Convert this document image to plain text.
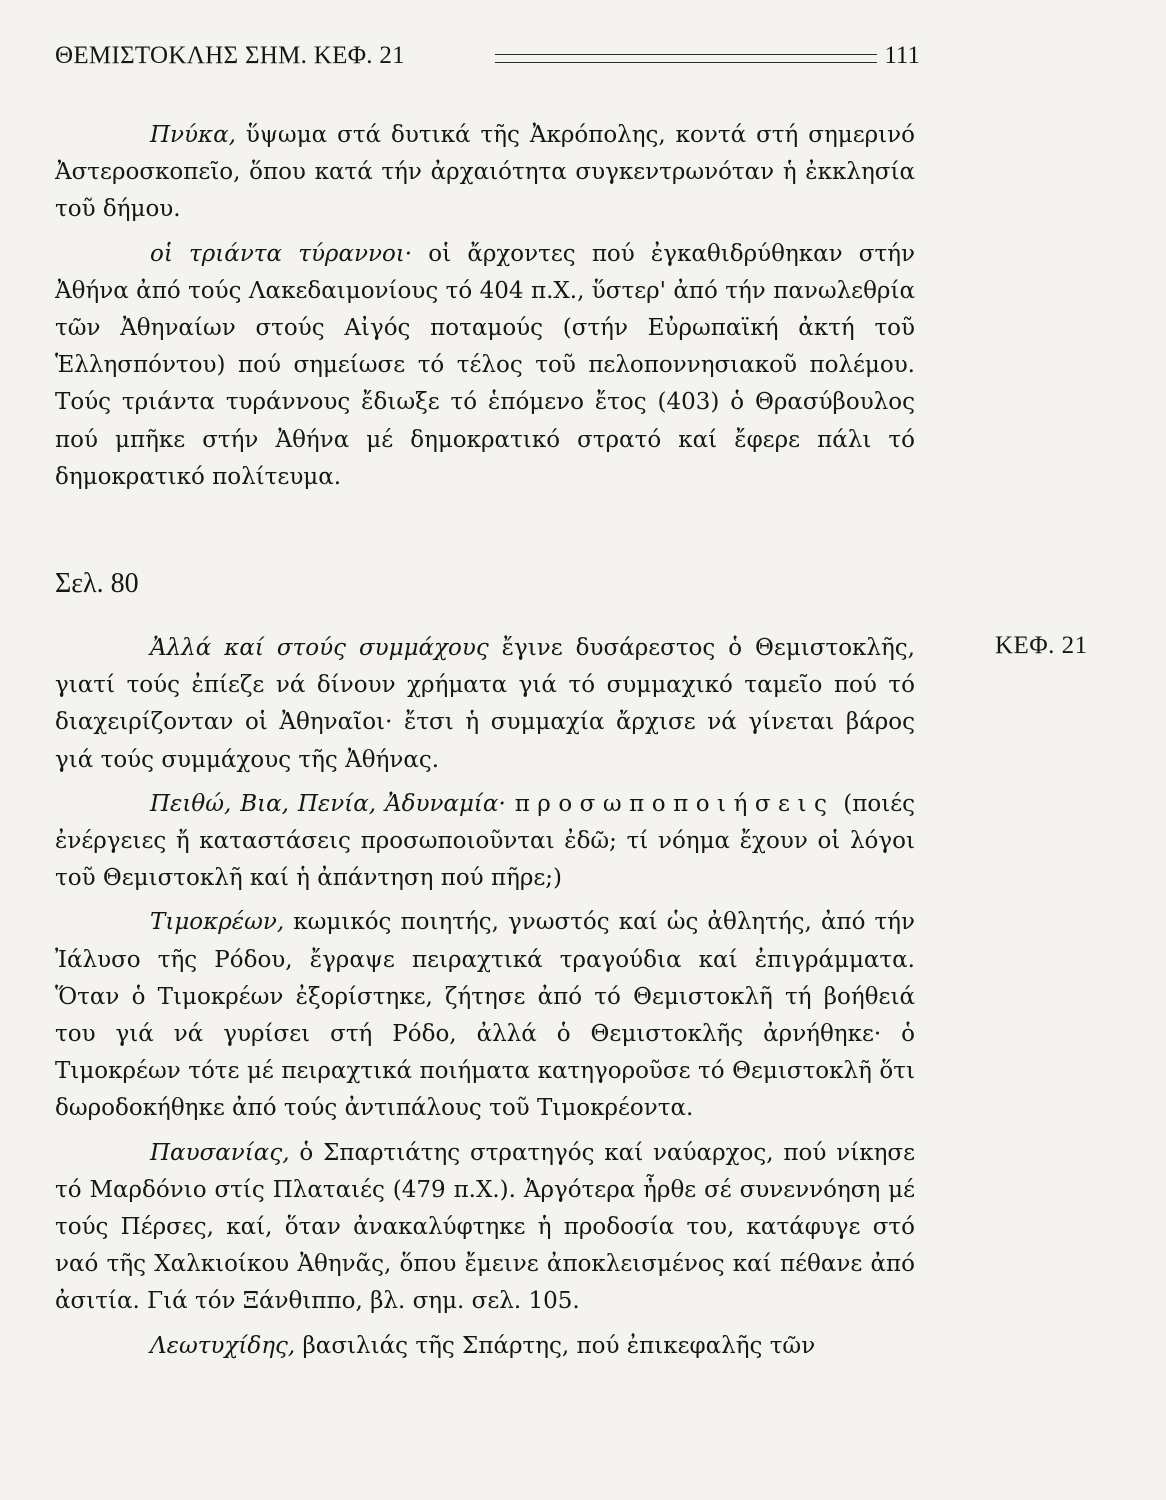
ΘΕΜΙΣΤΟΚΛΗΣ ΣΗΜ. ΚΕΦ. 21	111

Πνύκα, ὕψωμα στά δυτικά τῆς Ἀκρόπολης, κοντά στή σημερινό Ἀστεροσκοπεῖο, ὅπου κατά τήν ἀρχαιότητα συγκεντρωνόταν ἡ ἐκκλησία τοῦ δήμου.

οἱ τριάντα τύραννοι· οἱ ἄρχοντες πού ἐγκαθιδρύθηκαν στήν Ἀθήνα ἀπό τούς Λακεδαιμονίους τό 404 π.Χ., ὕστερ' ἀπό τήν πανωλεθρία τῶν Ἀθηναίων στούς Αἰγός ποταμούς (στήν Εὐρωπαϊκή ἀκτή τοῦ Ἑλλησπόντου) πού σημείωσε τό τέλος τοῦ πελοποννησιακοῦ πολέμου. Τούς τριάντα τυράννους ἔδιωξε τό ἑπόμενο ἔτος (403) ὁ Θρασύβουλος πού μπῆκε στήν Ἀθήνα μέ δημοκρατικό στρατό καί ἔφερε πάλι τό δημοκρατικό πολίτευμα.

Σελ. 80
ΚΕΦ. 21

Ἀλλά καί στούς συμμάχους ἔγινε δυσάρεστος ὁ Θεμιστοκλῆς, γιατί τούς ἐπίεζε νά δίνουν χρήματα γιά τό συμμαχικό ταμεῖο πού τό διαχειρίζονταν οἱ Ἀθηναῖοι· ἔτσι ἡ συμμαχία ἄρχισε νά γίνεται βάρος γιά τούς συμμάχους τῆς Ἀθήνας.

Πειθώ, Βια, Πενία, Ἀδυναμία· προσωποποιήσεις (ποιές ἐνέργειες ἤ καταστάσεις προσωποιοῦνται ἐδῶ; τί νόημα ἔχουν οἱ λόγοι τοῦ Θεμιστοκλῆ καί ἡ ἀπάντηση πού πῆρε;)

Τιμοκρέων, κωμικός ποιητής, γνωστός καί ὡς ἀθλητής, ἀπό τήν Ἰάλυσο τῆς Ρόδου, ἔγραψε πειραχτικά τραγούδια καί ἐπιγράμματα. Ὅταν ὁ Τιμοκρέων ἐξορίστηκε, ζήτησε ἀπό τό Θεμιστοκλῆ τή βοήθειά του γιά νά γυρίσει στή Ρόδο, ἀλλά ὁ Θεμιστοκλῆς ἀρνήθηκε· ὁ Τιμοκρέων τότε μέ πειραχτικά ποιήματα κατηγοροῦσε τό Θεμιστοκλῆ ὅτι δωροδοκήθηκε ἀπό τούς ἀντιπάλους τοῦ Τιμοκρέοντα.

Παυσανίας, ὁ Σπαρτιάτης στρατηγός καί ναύαρχος, πού νίκησε τό Μαρδόνιο στίς Πλαταιές (479 π.Χ.). Ἀργότερα ἦρθε σέ συνεννόηση μέ τούς Πέρσες, καί, ὅταν ἀνακαλύφτηκε ἡ προδοσία του, κατάφυγε στό ναό τῆς Χαλκιοίκου Ἀθηνᾶς, ὅπου ἔμεινε ἀποκλεισμένος καί πέθανε ἀπό ἀσιτία. Γιά τόν Ξάνθιππο, βλ. σημ. σελ. 105.

Λεωτυχίδης, βασιλιάς τῆς Σπάρτης, πού ἐπικεφαλῆς τῶν
